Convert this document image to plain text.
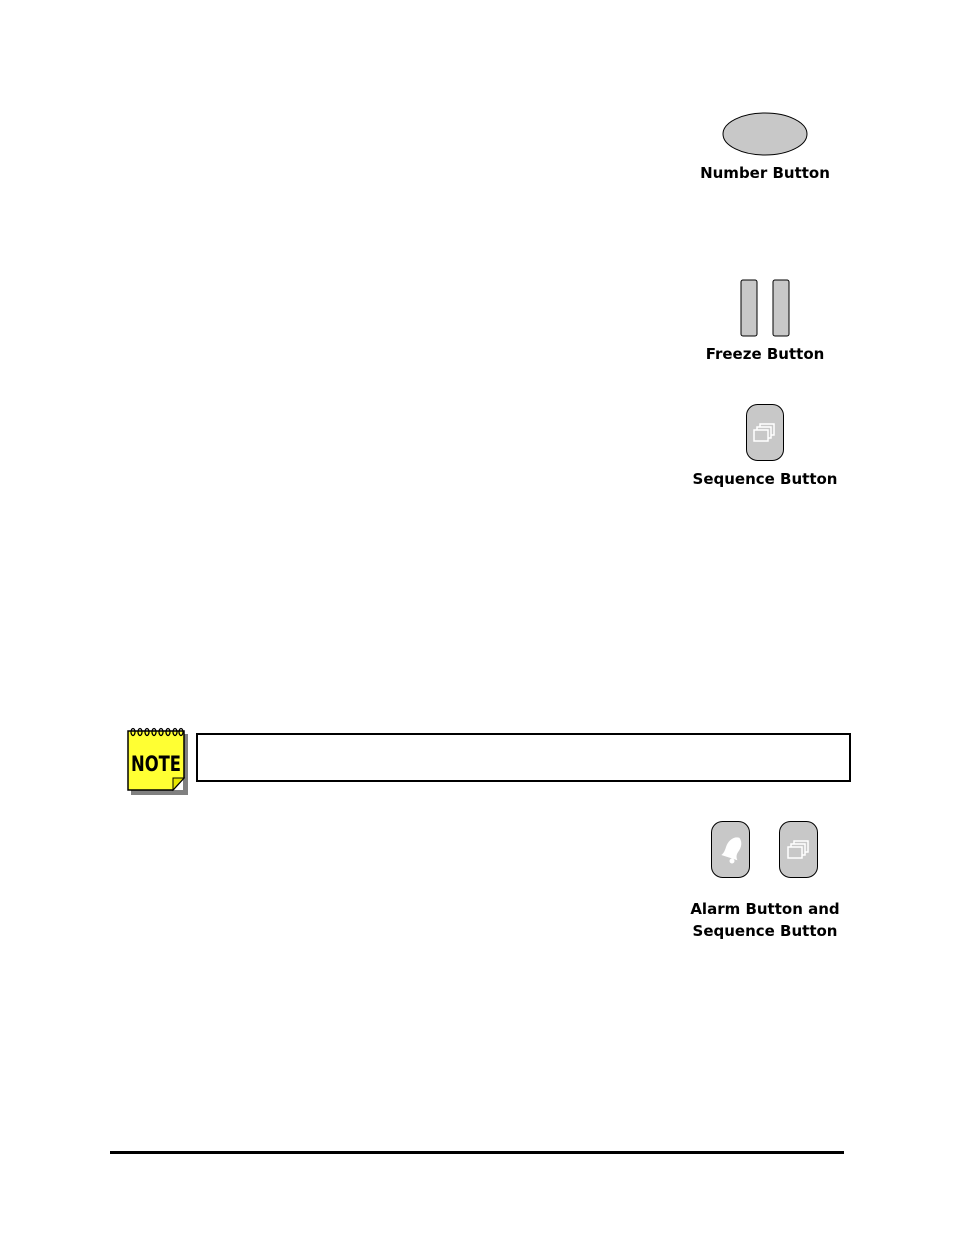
Number Button
Freeze Button
Sequence Button
NOTE
Alarm Button and
Sequence Button
